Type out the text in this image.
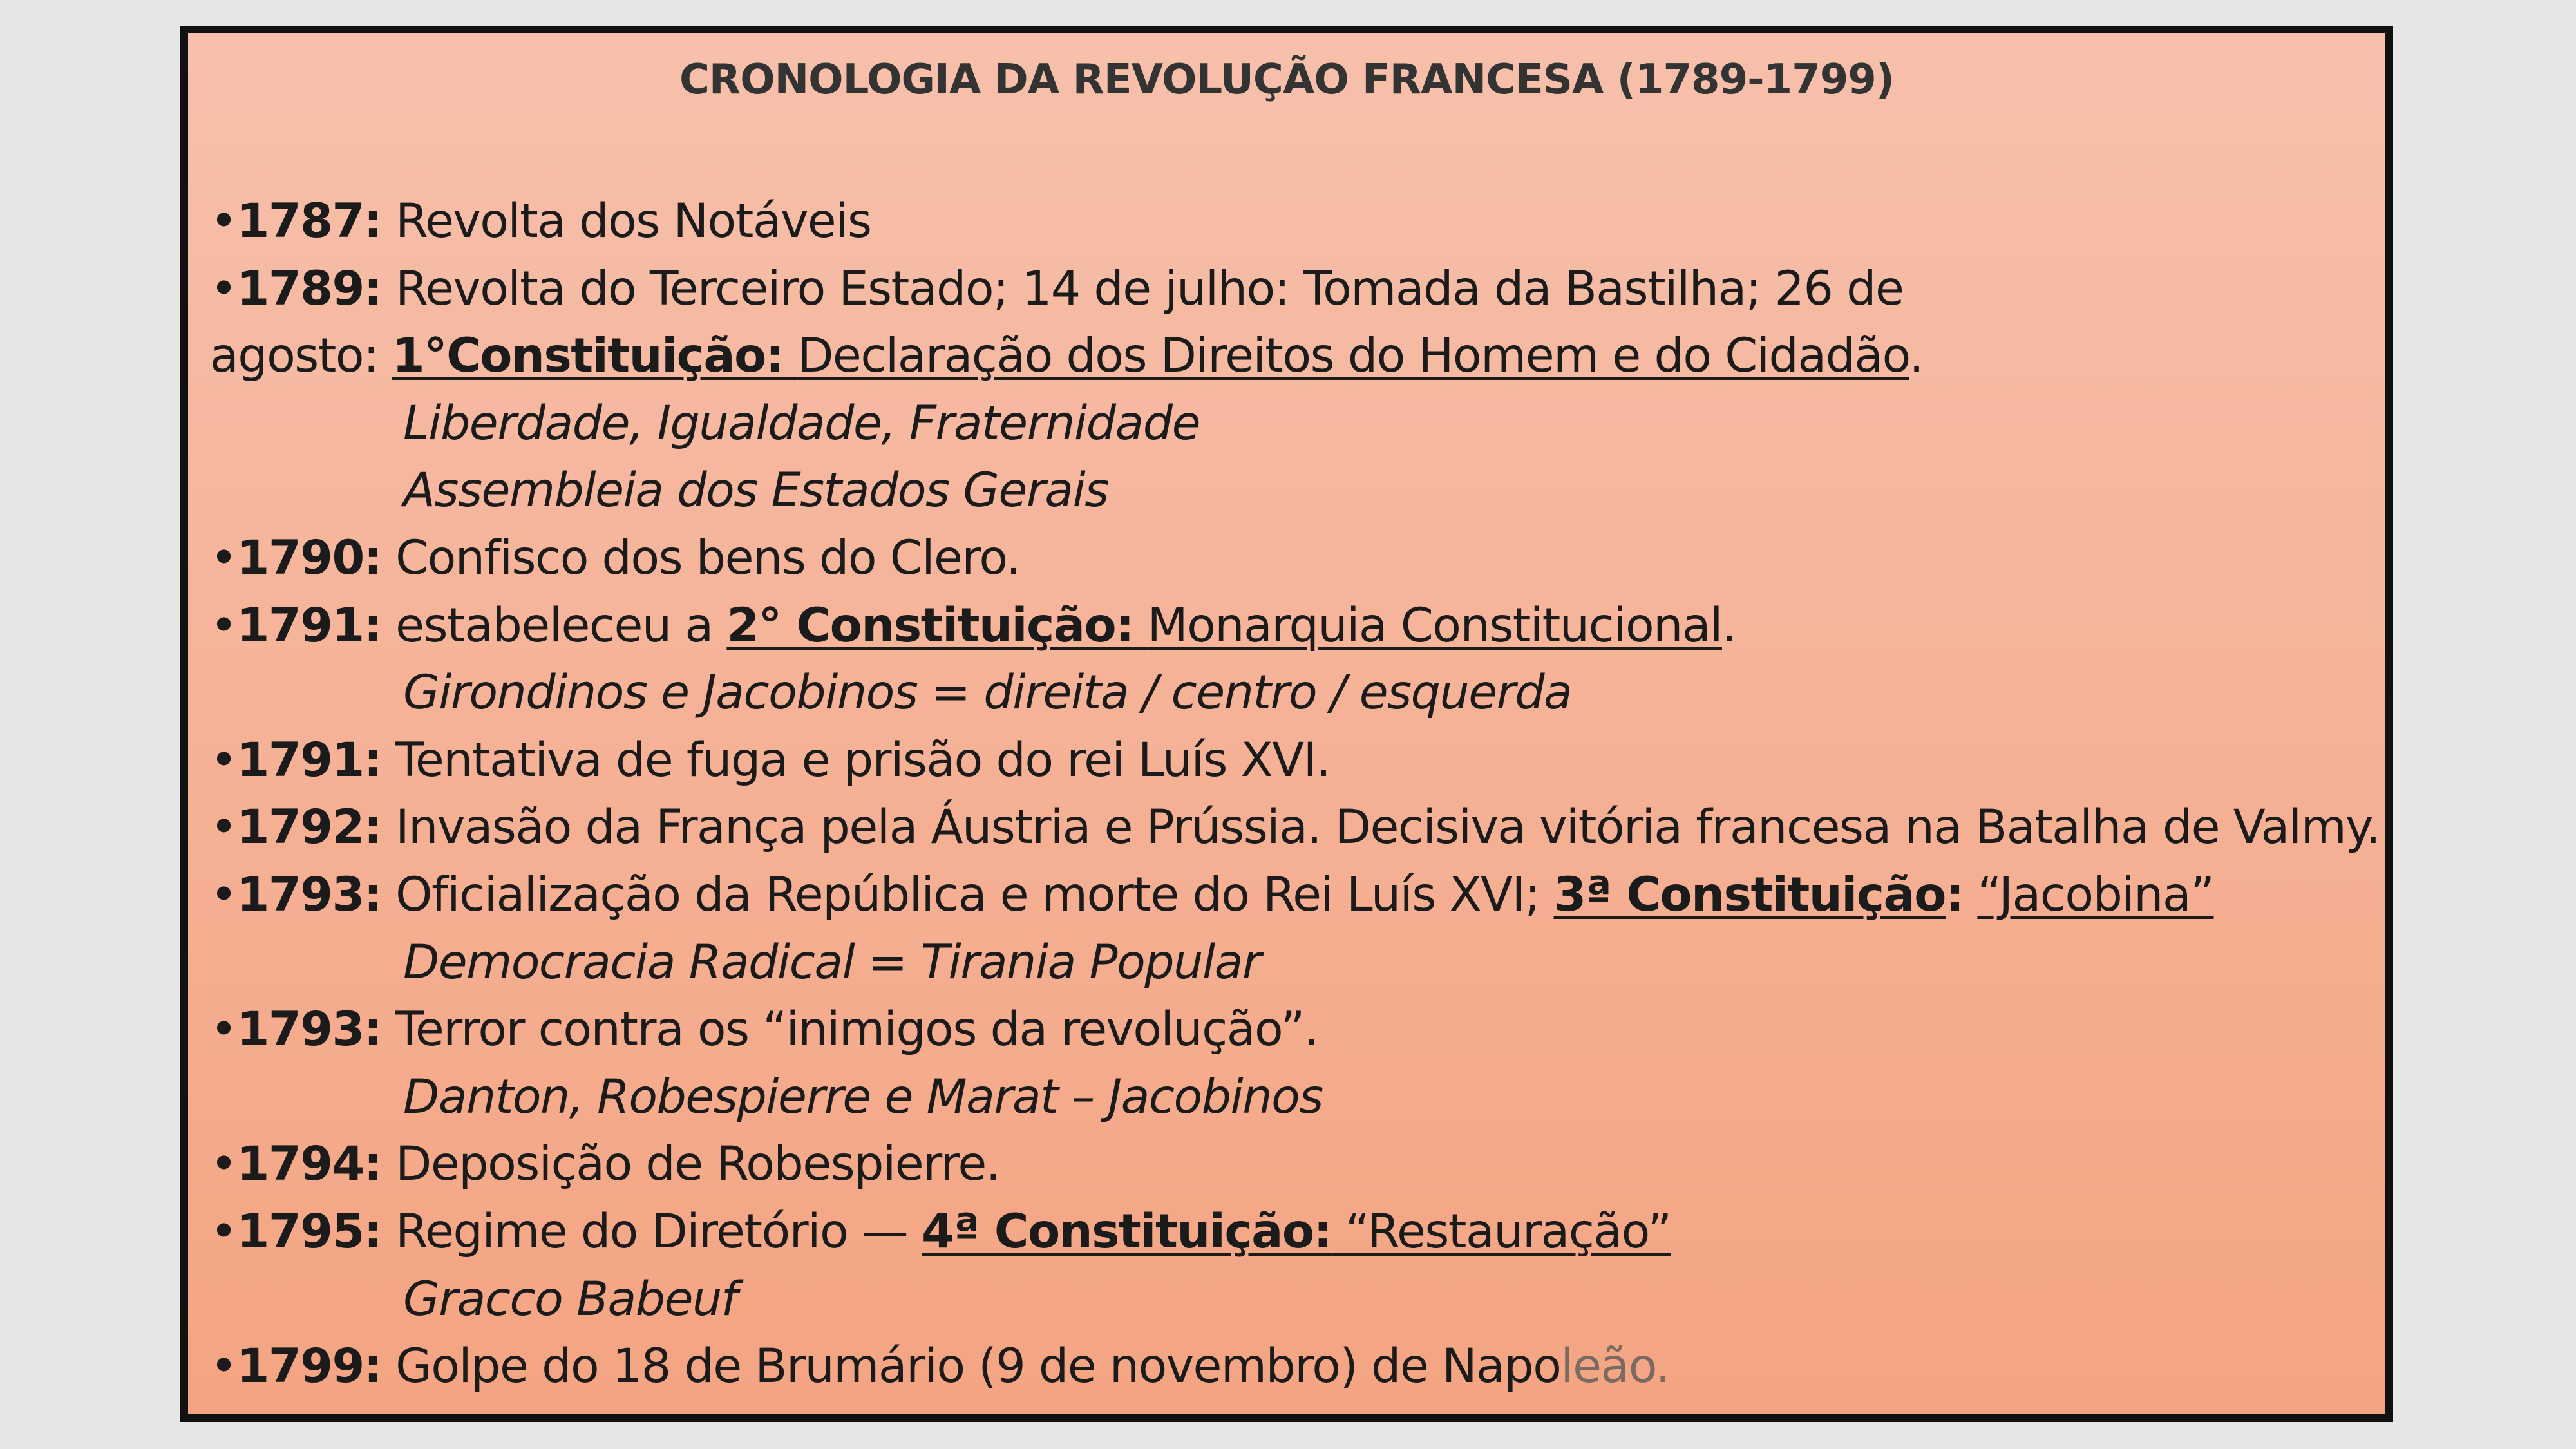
CRONOLOGIA DA REVOLUÇÃO FRANCESA (1789-1799)
•1787: Revolta dos Notáveis
•1789: Revolta do Terceiro Estado; 14 de julho: Tomada da Bastilha; 26 de
agosto: 1°Constituição: Declaração dos Direitos do Homem e do Cidadão.
Liberdade, Igualdade, Fraternidade
Assembleia dos Estados Gerais
•1790: Confisco dos bens do Clero.
•1791: estabeleceu a 2° Constituição: Monarquia Constitucional.
Girondinos e Jacobinos = direita / centro / esquerda
•1791: Tentativa de fuga e prisão do rei Luís XVI.
•1792: Invasão da França pela Áustria e Prússia. Decisiva vitória francesa na Batalha de Valmy.
•1793: Oficialização da República e morte do Rei Luís XVI; 3ª Constituição: “Jacobina”
Democracia Radical = Tirania Popular
•1793: Terror contra os “inimigos da revolução”.
Danton, Robespierre e Marat – Jacobinos
•1794: Deposição de Robespierre.
•1795: Regime do Diretório — 4ª Constituição: “Restauração”
Gracco Babeuf
•1799: Golpe do 18 de Brumário (9 de novembro) de Napoleão.
